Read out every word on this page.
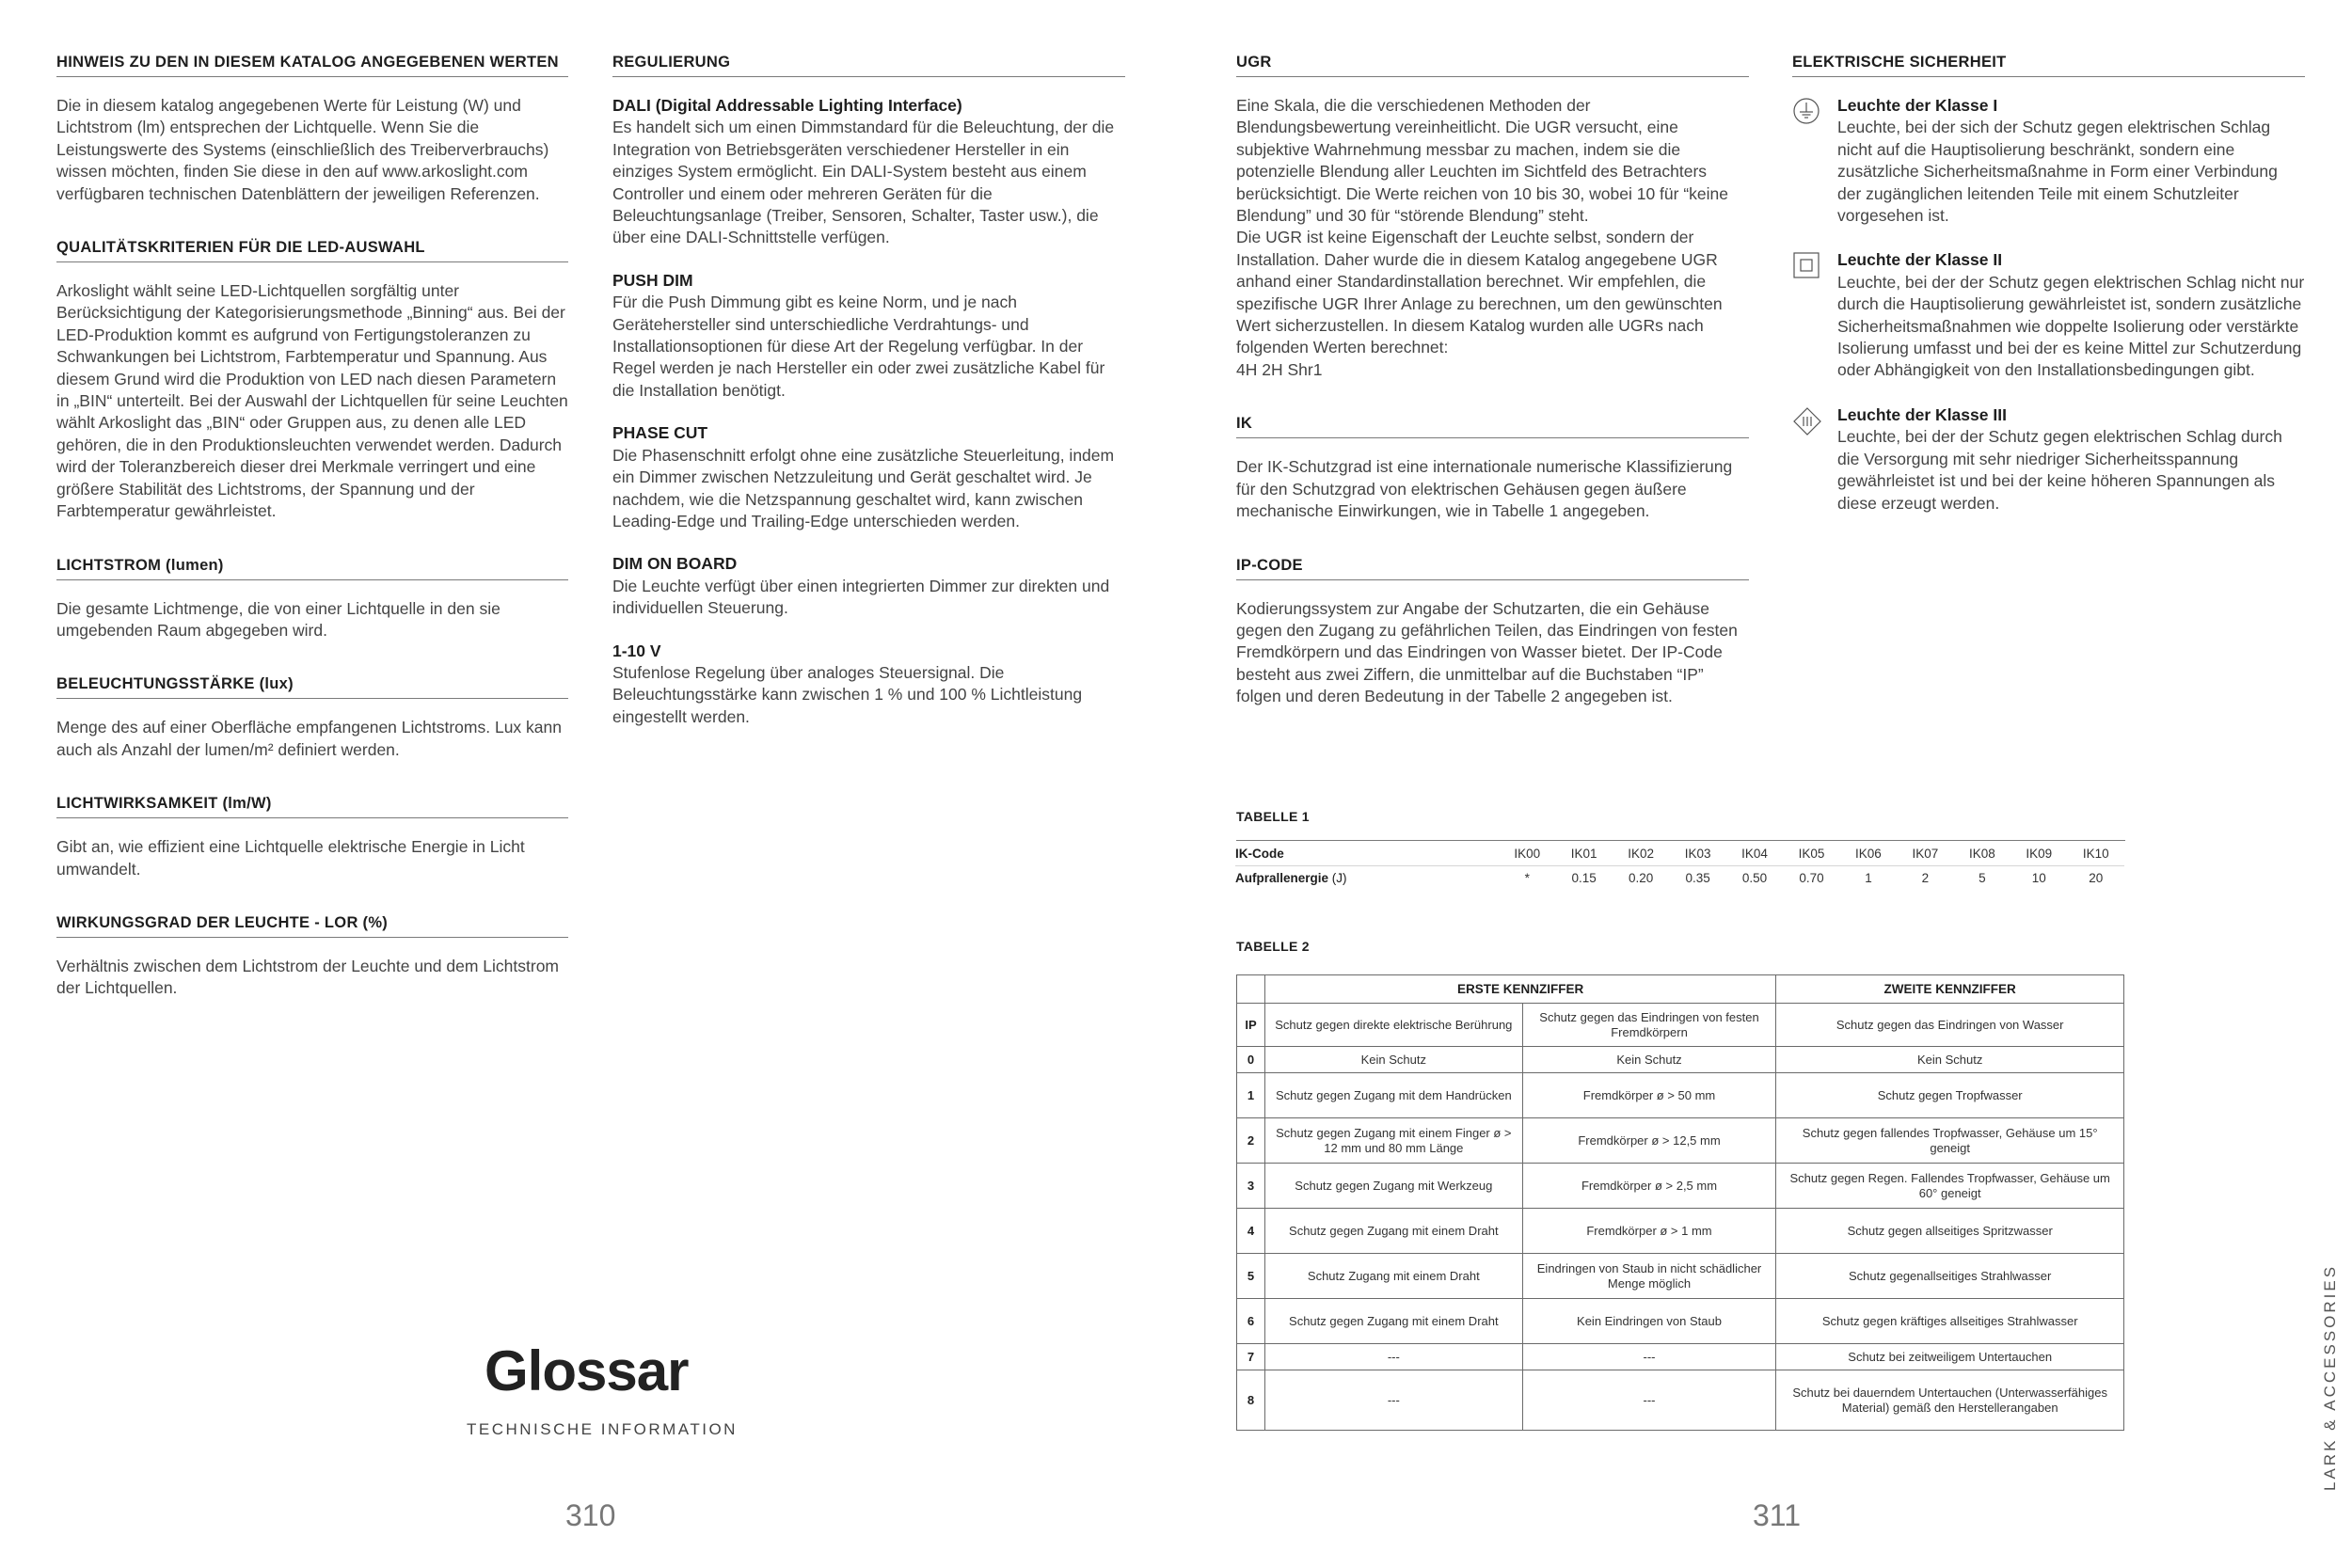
HINWEIS ZU DEN IN DIESEM KATALOG ANGEGEBENEN WERTEN
Die in diesem katalog angegebenen Werte für Leistung (W) und Lichtstrom (lm) entsprechen der Lichtquelle. Wenn Sie die Leistungswerte des Systems (einschließlich des Treiberverbrauchs) wissen möchten, finden Sie diese in den auf www.arkoslight.com verfügbaren technischen Datenblättern der jeweiligen Referenzen.
QUALITÄTSKRITERIEN FÜR DIE LED-AUSWAHL
Arkoslight wählt seine LED-Lichtquellen sorgfältig unter Berücksichtigung der Kategorisierungsmethode „Binning“ aus. Bei der LED-Produktion kommt es aufgrund von Fertigungstoleranzen zu Schwankungen bei Lichtstrom, Farbtemperatur und Spannung. Aus diesem Grund wird die Produktion von LED nach diesen Parametern in „BIN“ unterteilt. Bei der Auswahl der Lichtquellen für seine Leuchten wählt Arkoslight das „BIN“ oder Gruppen aus, zu denen alle LED gehören, die in den Produktionsleuchten verwendet werden. Dadurch wird der Toleranzbereich dieser drei Merkmale verringert und eine größere Stabilität des Lichtstroms, der Spannung und der Farbtemperatur gewährleistet.
LICHTSTROM (lumen)
Die gesamte Lichtmenge, die von einer Lichtquelle in den sie umgebenden Raum abgegeben wird.
BELEUCHTUNGSSTÄRKE (lux)
Menge des auf einer Oberfläche empfangenen Lichtstroms. Lux kann auch als Anzahl der lumen/m² definiert werden.
LICHTWIRKSAMKEIT (lm/W)
Gibt an, wie effizient eine Lichtquelle elektrische Energie in Licht umwandelt.
WIRKUNGSGRAD DER LEUCHTE - LOR (%)
Verhältnis zwischen dem Lichtstrom der Leuchte und dem Lichtstrom der Lichtquellen.
REGULIERUNG
DALI (Digital Addressable Lighting Interface)
Es handelt sich um einen Dimmstandard für die Beleuchtung, der die Integration von Betriebsgeräten verschiedener Hersteller in ein einziges System ermöglicht. Ein DALI-System besteht aus einem Controller und einem oder mehreren Geräten für die Beleuchtungsanlage (Treiber, Sensoren, Schalter, Taster usw.), die über eine DALI-Schnittstelle verfügen.
PUSH DIM
Für die Push Dimmung gibt es keine Norm, und je nach Gerätehersteller sind unterschiedliche Verdrahtungs- und Installationsoptionen für diese Art der Regelung verfügbar. In der Regel werden je nach Hersteller ein oder zwei zusätzliche Kabel für die Installation benötigt.
PHASE CUT
Die Phasenschnitt erfolgt ohne eine zusätzliche Steuerleitung, indem ein Dimmer zwischen Netzzuleitung und Gerät geschaltet wird. Je nachdem, wie die Netzspannung geschaltet wird, kann zwischen Leading-Edge und Trailing-Edge unterschieden werden.
DIM ON BOARD
Die Leuchte verfügt über einen integrierten Dimmer zur direkten und individuellen Steuerung.
1-10 V
Stufenlose Regelung über analoges Steuersignal. Die Beleuchtungsstärke kann zwischen 1 % und 100 % Lichtleistung eingestellt werden.
Glossar
TECHNISCHE INFORMATION
310	311
UGR
Eine Skala, die die verschiedenen Methoden der Blendungsbewertung vereinheitlicht. Die UGR versucht, eine subjektive Wahrnehmung messbar zu machen, indem sie die potenzielle Blendung aller Leuchten im Sichtfeld des Betrachters berücksichtigt. Die Werte reichen von 10 bis 30, wobei 10 für “keine Blendung” und 30 für “störende Blendung” steht.
Die UGR ist keine Eigenschaft der Leuchte selbst, sondern der Installation. Daher wurde die in diesem Katalog angegebene UGR anhand einer Standardinstallation berechnet. Wir empfehlen, die spezifische UGR Ihrer Anlage zu berechnen, um den gewünschten Wert sicherzustellen. In diesem Katalog wurden alle UGRs nach folgenden Werten berechnet:
4H 2H Shr1
IK
Der IK-Schutzgrad ist eine internationale numerische Klassifizierung für den Schutzgrad von elektrischen Gehäusen gegen äußere mechanische Einwirkungen, wie in Tabelle 1 angegeben.
IP-CODE
Kodierungssystem zur Angabe der Schutzarten, die ein Gehäuse gegen den Zugang zu gefährlichen Teilen, das Eindringen von festen Fremdkörpern und das Eindringen von Wasser bietet. Der IP-Code besteht aus zwei Ziffern, die unmittelbar auf die Buchstaben “IP” folgen und deren Bedeutung in der Tabelle 2 angegeben ist.
TABELLE 1
TABELLE 2
IK-Code	IK00	IK01	IK02	IK03	IK04	IK05	IK06	IK07	IK08	IK09	IK10
Aufprallenergie (J)	*	0.15	0.20	0.35	0.50	0.70	1	2	5	10	20
	ERSTE KENNZIFFER		ZWEITE KENNZIFFER
IP	Schutz gegen direkte elektrische Berührung	Schutz gegen das Eindringen von festen Fremdkörpern	Schutz gegen das Eindringen von Wasser
0	Kein Schutz	Kein Schutz	Kein Schutz
1	Schutz gegen Zugang mit dem Handrücken	Fremdkörper ø > 50 mm	Schutz gegen Tropfwasser
2	Schutz gegen Zugang mit einem Finger ø > 12 mm und 80 mm Länge	Fremdkörper ø > 12,5 mm	Schutz gegen fallendes Tropfwasser, Gehäuse um 15° geneigt
3	Schutz gegen Zugang mit Werkzeug	Fremdkörper ø > 2,5 mm	Schutz gegen Regen. Fallendes Tropfwasser, Gehäuse um 60° geneigt
4	Schutz gegen Zugang mit einem Draht	Fremdkörper ø > 1 mm	Schutz gegen allseitiges Spritzwasser
5	Schutz Zugang mit einem Draht	Eindringen von Staub in nicht schädlicher Menge möglich	Schutz gegenallseitiges Strahlwasser
6	Schutz gegen Zugang mit einem Draht	Kein Eindringen von Staub	Schutz gegen kräftiges allseitiges Strahlwasser
7	---	---	Schutz bei zeitweiligem Untertauchen
8	---	---	Schutz bei dauerndem Untertauchen (Unterwasserfähiges Material) gemäß den Herstellerangaben
ELEKTRISCHE SICHERHEIT
Leuchte der Klasse I
Leuchte, bei der sich der Schutz gegen elektrischen Schlag nicht auf die Hauptisolierung beschränkt, sondern eine zusätzliche Sicherheitsmaßnahme in Form einer Verbindung der zugänglichen leitenden Teile mit einem Schutzleiter vorgesehen ist.
Leuchte der Klasse II
Leuchte, bei der der Schutz gegen elektrischen Schlag nicht nur durch die Hauptisolierung gewährleistet ist, sondern zusätzliche Sicherheitsmaßnahmen wie doppelte Isolierung oder verstärkte Isolierung umfasst und bei der es keine Mittel zur Schutzerdung oder Abhängigkeit von den Installationsbedingungen gibt.
Leuchte der Klasse III
Leuchte, bei der der Schutz gegen elektrischen Schlag durch die Versorgung mit sehr niedriger Sicherheitsspannung gewährleistet ist und bei der keine höheren Spannungen als diese erzeugt werden.
LARK & ACCESSORIES
